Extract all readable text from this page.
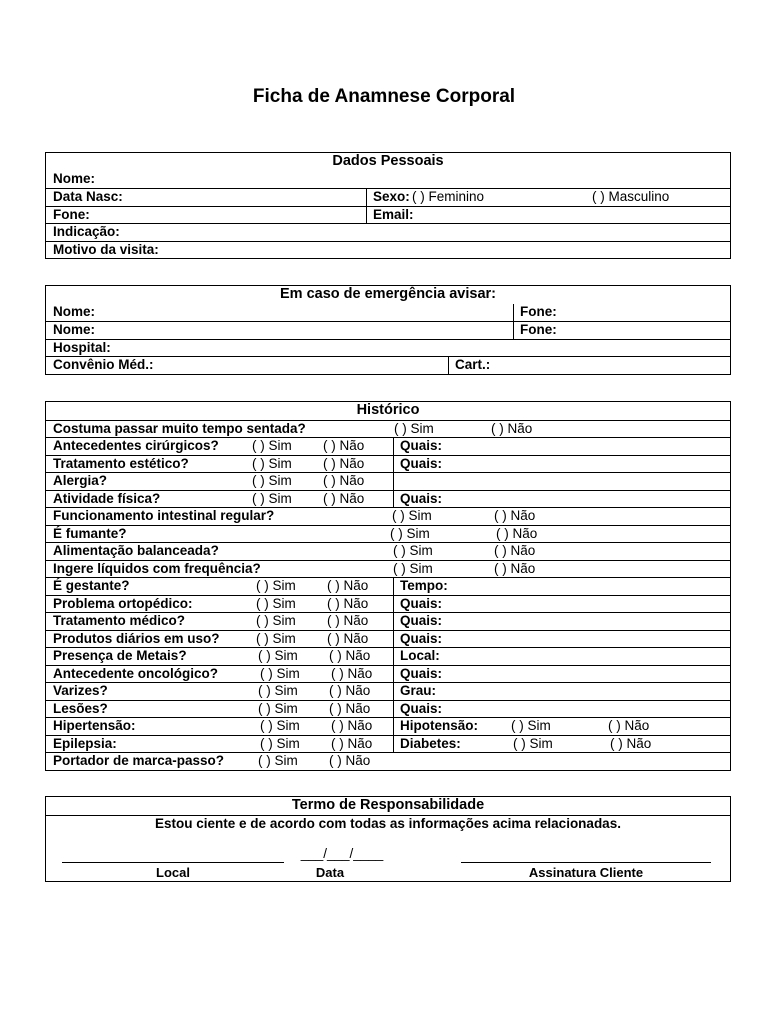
Ficha de Anamnese Corporal
Dados Pessoais
Nome:
Data Nasc:	Sexo: ( ) Feminino	( ) Masculino
Fone:	Email:
Indicação:
Motivo da visita:
Em caso de emergência avisar:
Nome:	Fone:
Nome:	Fone:
Hospital:
Convênio Méd.:	Cart.:
Histórico
Costuma passar muito tempo sentada?	( ) Sim	( ) Não
Antecedentes cirúrgicos? ( ) Sim ( ) Não	Quais:
Tratamento estético?	( ) Sim ( ) Não	Quais:
Alergia?	( ) Sim ( ) Não
Atividade física?	( ) Sim ( ) Não	Quais:
Funcionamento intestinal regular?	( ) Sim	( ) Não
É fumante?	( ) Sim	( ) Não
Alimentação balanceada?	( ) Sim	( ) Não
Ingere líquidos com frequência?	( ) Sim	( ) Não
É gestante?	( ) Sim ( ) Não Tempo:
Problema ortopédico:	( ) Sim ( ) Não Quais:
Tratamento médico?	( ) Sim ( ) Não Quais:
Produtos diários em uso?	( ) Sim ( ) Não Quais:
Presença de Metais?	( ) Sim ( ) Não Local:
Antecedente oncológico?	( ) Sim ( ) Não Quais:
Varizes?	( ) Sim ( ) Não Grau:
Lesões?	( ) Sim ( ) Não Quais:
Hipertensão:	( ) Sim ( ) Não Hipotensão: ( ) Sim	( ) Não
Epilepsia:	( ) Sim ( ) Não Diabetes:	( ) Sim	( ) Não
Portador de marca-passo?	( ) Sim ( ) Não
Termo de Responsabilidade
Estou ciente e de acordo com todas as informações acima relacionadas.
___/___/____
Local	Data	Assinatura Cliente
